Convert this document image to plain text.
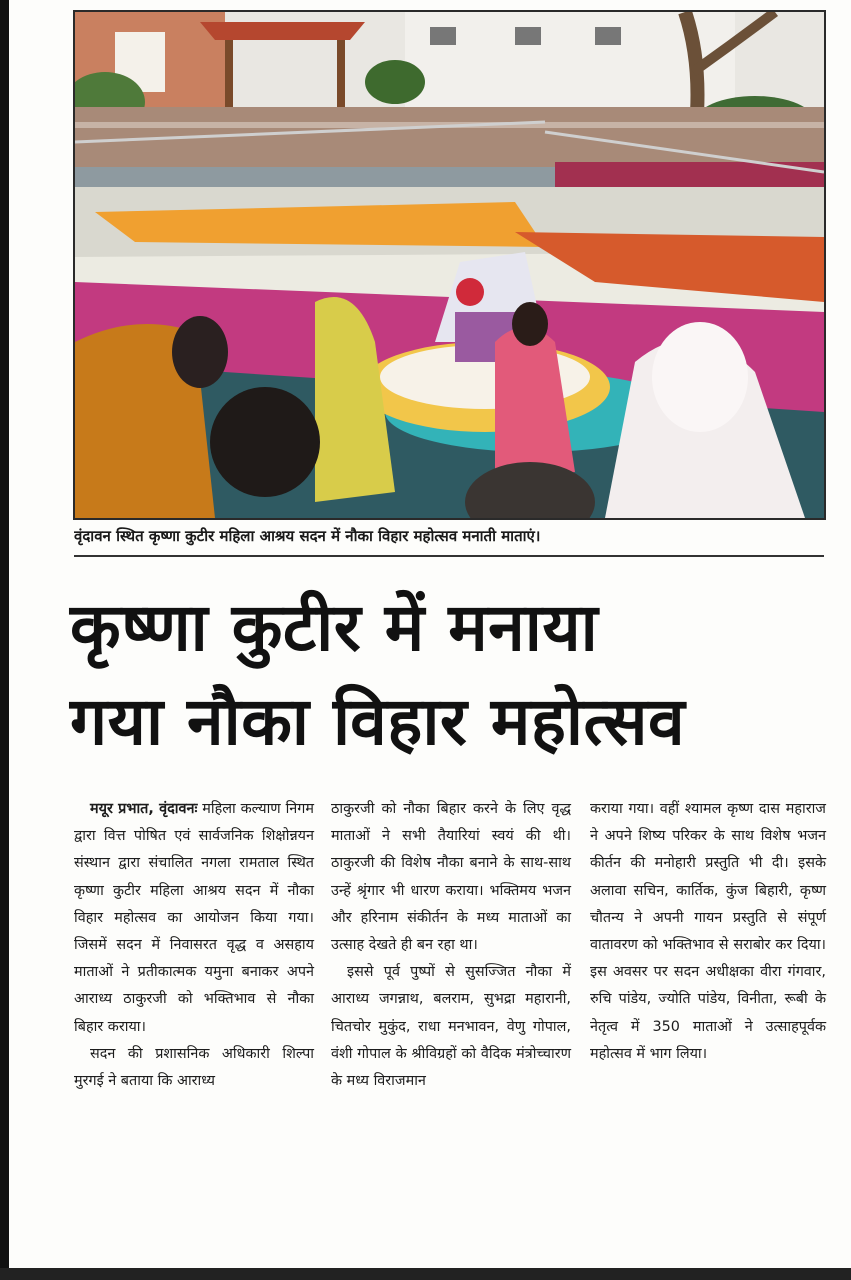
वृंदावन स्थित कृष्णा कुटीर महिला आश्रय सदन में नौका विहार महोत्सव मनाती माताएं।
कृष्णा कुटीर में मनाया
गया नौका विहार महोत्सव

मयूर प्रभात, वृंदावनः महिला कल्याण निगम द्वारा वित्त पोषित एवं सार्वजनिक शिक्षोन्नयन संस्थान द्वारा संचालित नगला रामताल स्थित कृष्णा कुटीर महिला आश्रय सदन में नौका विहार महोत्सव का आयोजन किया गया। जिसमें सदन में निवासरत वृद्ध व असहाय माताओं ने प्रतीकात्मक यमुना बनाकर अपने आराध्य ठाकुरजी को भक्तिभाव से नौका बिहार कराया।

सदन की प्रशासनिक अधिकारी शिल्पा मुरगई ने बताया कि आराध्य

ठाकुरजी को नौका बिहार करने के लिए वृद्ध माताओं ने सभी तैयारियां स्वयं की थी। ठाकुरजी की विशेष नौका बनाने के साथ-साथ उन्हें श्रृंगार भी धारण कराया। भक्तिमय भजन और हरिनाम संकीर्तन के मध्य माताओं का उत्साह देखते ही बन रहा था।

इससे पूर्व पुष्पों से सुसज्जित नौका में आराध्य जगन्नाथ, बलराम, सुभद्रा महारानी, चितचोर मुकुंद, राधा मनभावन, वेणु गोपाल, वंशी गोपाल के श्रीविग्रहों को वैदिक मंत्रोच्चारण के मध्य विराजमान

कराया गया। वहीं श्यामल कृष्ण दास महाराज ने अपने शिष्य परिकर के साथ विशेष भजन कीर्तन की मनोहारी प्रस्तुति भी दी। इसके अलावा सचिन, कार्तिक, कुंज बिहारी, कृष्ण चौतन्य ने अपनी गायन प्रस्तुति से संपूर्ण वातावरण को भक्तिभाव से सराबोर कर दिया। इस अवसर पर सदन अधीक्षका वीरा गंगवार, रुचि पांडेय, ज्योति पांडेय, विनीता, रूबी के नेतृत्व में 350 माताओं ने उत्साहपूर्वक महोत्सव में भाग लिया।
